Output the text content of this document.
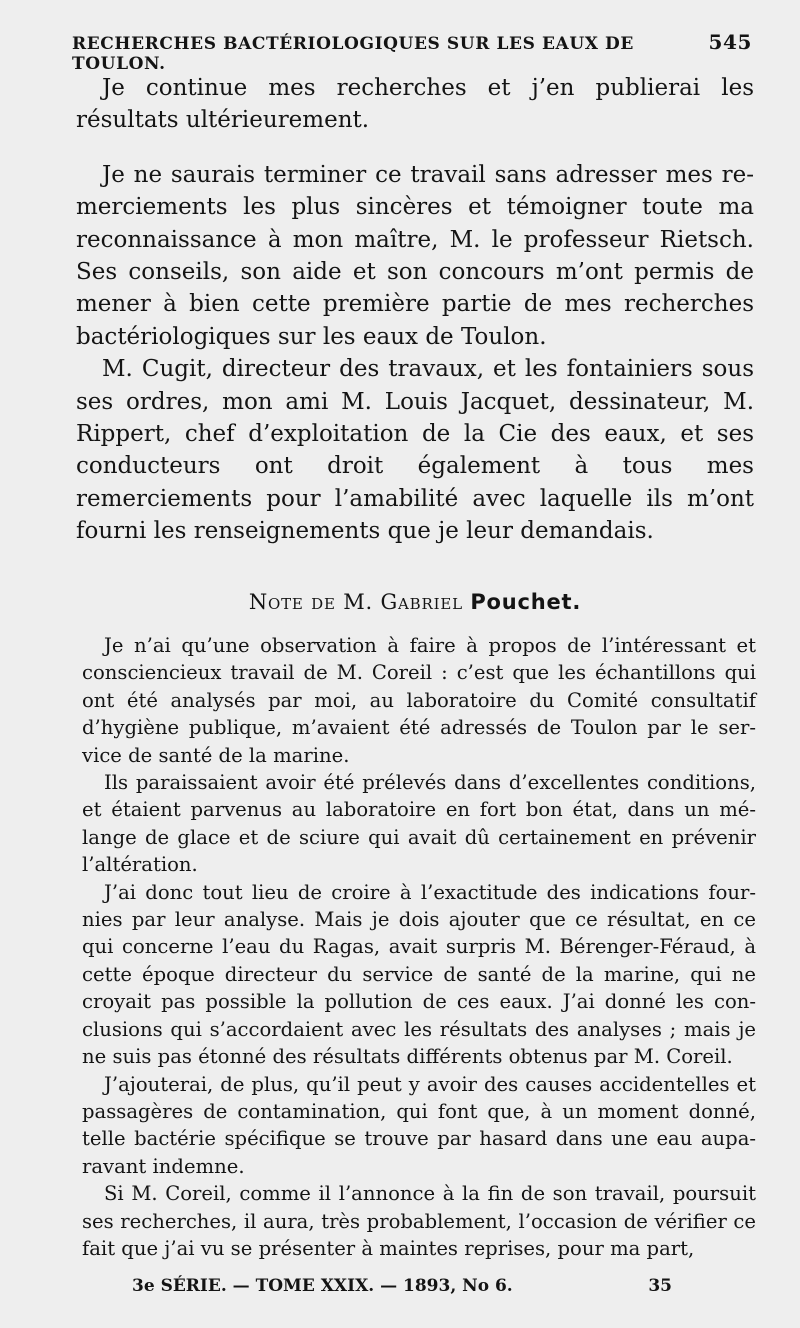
RECHERCHES BACTÉRIOLOGIQUES SUR LES EAUX DE TOULON.
545

Je continue mes recherches et j’en publierai les résultats ultérieurement.

Je ne saurais terminer ce travail sans adresser mes remerciements les plus sincères et témoigner toute ma reconnaissance à mon maître, M. le professeur Rietsch. Ses conseils, son aide et son concours m’ont permis de mener à bien cette première partie de mes recherches bactériologiques sur les eaux de Toulon.

M. Cugit, directeur des travaux, et les fontainiers sous ses ordres, mon ami M. Louis Jacquet, dessinateur, M. Rippert, chef d’exploitation de la Cie des eaux, et ses conducteurs ont droit également à tous mes remerciements pour l’amabilité avec laquelle ils m’ont fourni les renseignements que je leur demandais.

Note de M. Gabriel Pouchet.

Je n’ai qu’une observation à faire à propos de l’intéressant et consciencieux travail de M. Coreil : c’est que les échantillons qui ont été analysés par moi, au laboratoire du Comité consultatif d’hygiène publique, m’avaient été adressés de Toulon par le service de santé de la marine.

Ils paraissaient avoir été prélevés dans d’excellentes conditions, et étaient parvenus au laboratoire en fort bon état, dans un mélange de glace et de sciure qui avait dû certainement en prévenir l’altération.

J’ai donc tout lieu de croire à l’exactitude des indications fournies par leur analyse. Mais je dois ajouter que ce résultat, en ce qui concerne l’eau du Ragas, avait surpris M. Bérenger-Féraud, à cette époque directeur du service de santé de la marine, qui ne croyait pas possible la pollution de ces eaux. J’ai donné les conclusions qui s’accordaient avec les résultats des analyses ; mais je ne suis pas étonné des résultats différents obtenus par M. Coreil.

J’ajouterai, de plus, qu’il peut y avoir des causes accidentelles et passagères de contamination, qui font que, à un moment donné, telle bactérie spécifique se trouve par hasard dans une eau auparavant indemne.

Si M. Coreil, comme il l’annonce à la fin de son travail, poursuit ses recherches, il aura, très probablement, l’occasion de vérifier ce fait que j’ai vu se présenter à maintes reprises, pour ma part,

3e SÉRIE. — TOME XXIX. — 1893, No 6.	35
